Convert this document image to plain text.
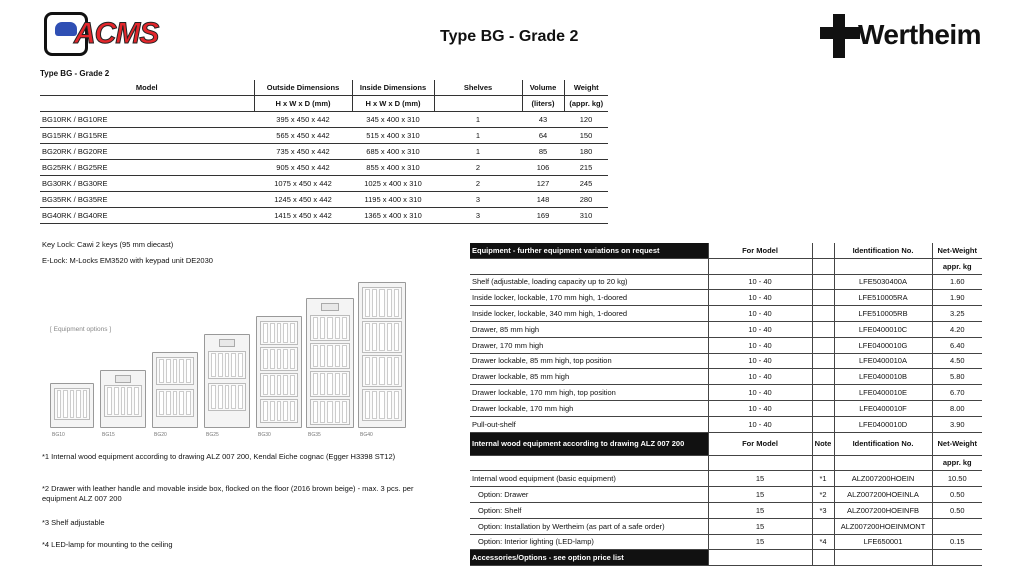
ACMS	Type BG - Grade 2	Wertheim
Type BG - Grade 2
Model	Outside Dimensions	Inside Dimensions	Shelves	Volume	Weight
	H x W x D (mm)	H x W x D (mm)		(liters)	(appr. kg)
BG10RK / BG10RE	395 x 450 x 442	345 x 400 x 310	1	43	120
BG15RK / BG15RE	565 x 450 x 442	515 x 400 x 310	1	64	150
BG20RK / BG20RE	735 x 450 x 442	685 x 400 x 310	1	85	180
BG25RK / BG25RE	905 x 450 x 442	855 x 400 x 310	2	106	215
BG30RK / BG30RE	1075 x 450 x 442	1025 x 400 x 310	2	127	245
BG35RK / BG35RE	1245 x 450 x 442	1195 x 400 x 310	3	148	280
BG40RK / BG40RE	1415 x 450 x 442	1365 x 400 x 310	3	169	310
Key Lock: Cawi 2 keys (95 mm diecast)
E-Lock: M-Locks EM3520 with keypad unit DE2030
[ Equipment options ]
BG10	BG15	BG20	BG25	BG30	BG35	BG40
*1 Internal wood equipment according to drawing ALZ 007 200, Kendal Eiche cognac (Egger H3398 ST12)
*2 Drawer with leather handle and movable inside box, flocked on the floor (2016 brown beige) - max. 3 pcs. per equipment ALZ 007 200
*3 Shelf adjustable
*4 LED-lamp for mounting to the ceiling
Equipment - further equipment variations on request	For Model		Identification No.	Net-Weight
				appr. kg
Shelf (adjustable, loading capacity up to 20 kg)	10 - 40		LFE5030400A	1.60
Inside locker, lockable, 170 mm high, 1-doored	10 - 40		LFE510005RA	1.90
Inside locker, lockable, 340 mm high, 1-doored	10 - 40		LFE510005RB	3.25
Drawer, 85 mm high	10 - 40		LFE0400010C	4.20
Drawer, 170 mm high	10 - 40		LFE0400010G	6.40
Drawer lockable, 85 mm high, top position	10 - 40		LFE0400010A	4.50
Drawer lockable, 85 mm high	10 - 40		LFE0400010B	5.80
Drawer lockable, 170 mm high, top position	10 - 40		LFE0400010E	6.70
Drawer lockable, 170 mm high	10 - 40		LFE0400010F	8.00
Pull-out-shelf	10 - 40		LFE0400010D	3.90
Internal wood equipment according to drawing ALZ 007 200	For Model	Note	Identification No.	Net-Weight
				appr. kg
Internal wood equipment (basic equipment)	15	*1	ALZ007200HOEIN	10.50
Option: Drawer	15	*2	ALZ007200HOEINLA	0.50
Option: Shelf	15	*3	ALZ007200HOEINFB	0.50
Option: Installation by Wertheim (as part of a safe order)	15		ALZ007200HOEINMONT	
Option: Interior lighting (LED-lamp)	15	*4	LFE650001	0.15
Accessories/Options - see option price list				
